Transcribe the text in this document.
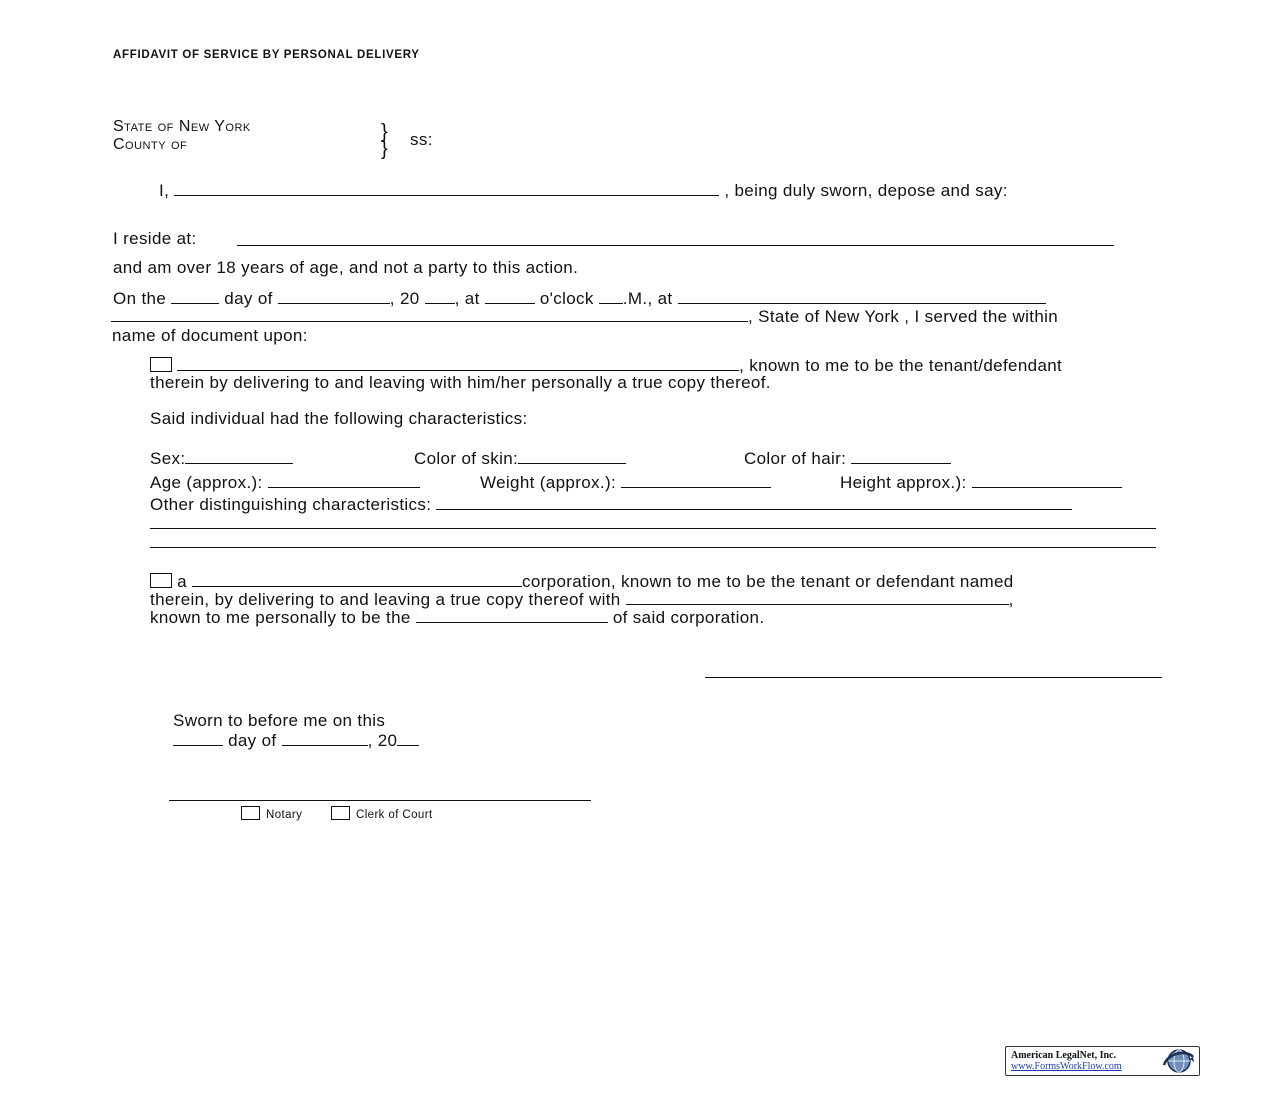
AFFIDAVIT OF SERVICE BY PERSONAL DELIVERY
State of New York
County of
}
} ss:
I,	, being duly sworn, depose and say:
I reside at:
and am over 18 years of age, and not a party to this action.
On the	day of	, 20 , at	o'clock .M., at
, State of New York , I served the within
name of document upon:
, known to me to be the tenant/defendant
therein by delivering to and leaving with him/her personally a true copy thereof.
Said individual had the following characteristics:
Sex:	Color of skin:	Color of hair:
Age (approx.):	Weight (approx.):	Height approx.):
Other distinguishing characteristics:
a	corporation, known to me to be the tenant or defendant named
therein, by delivering to and leaving a true copy thereof with	,
known to me personally to be the	of said corporation.
Sworn to before me on this
day of	, 20
Notary	Clerk of Court
American LegalNet, Inc.
www.FormsWorkFlow.com
